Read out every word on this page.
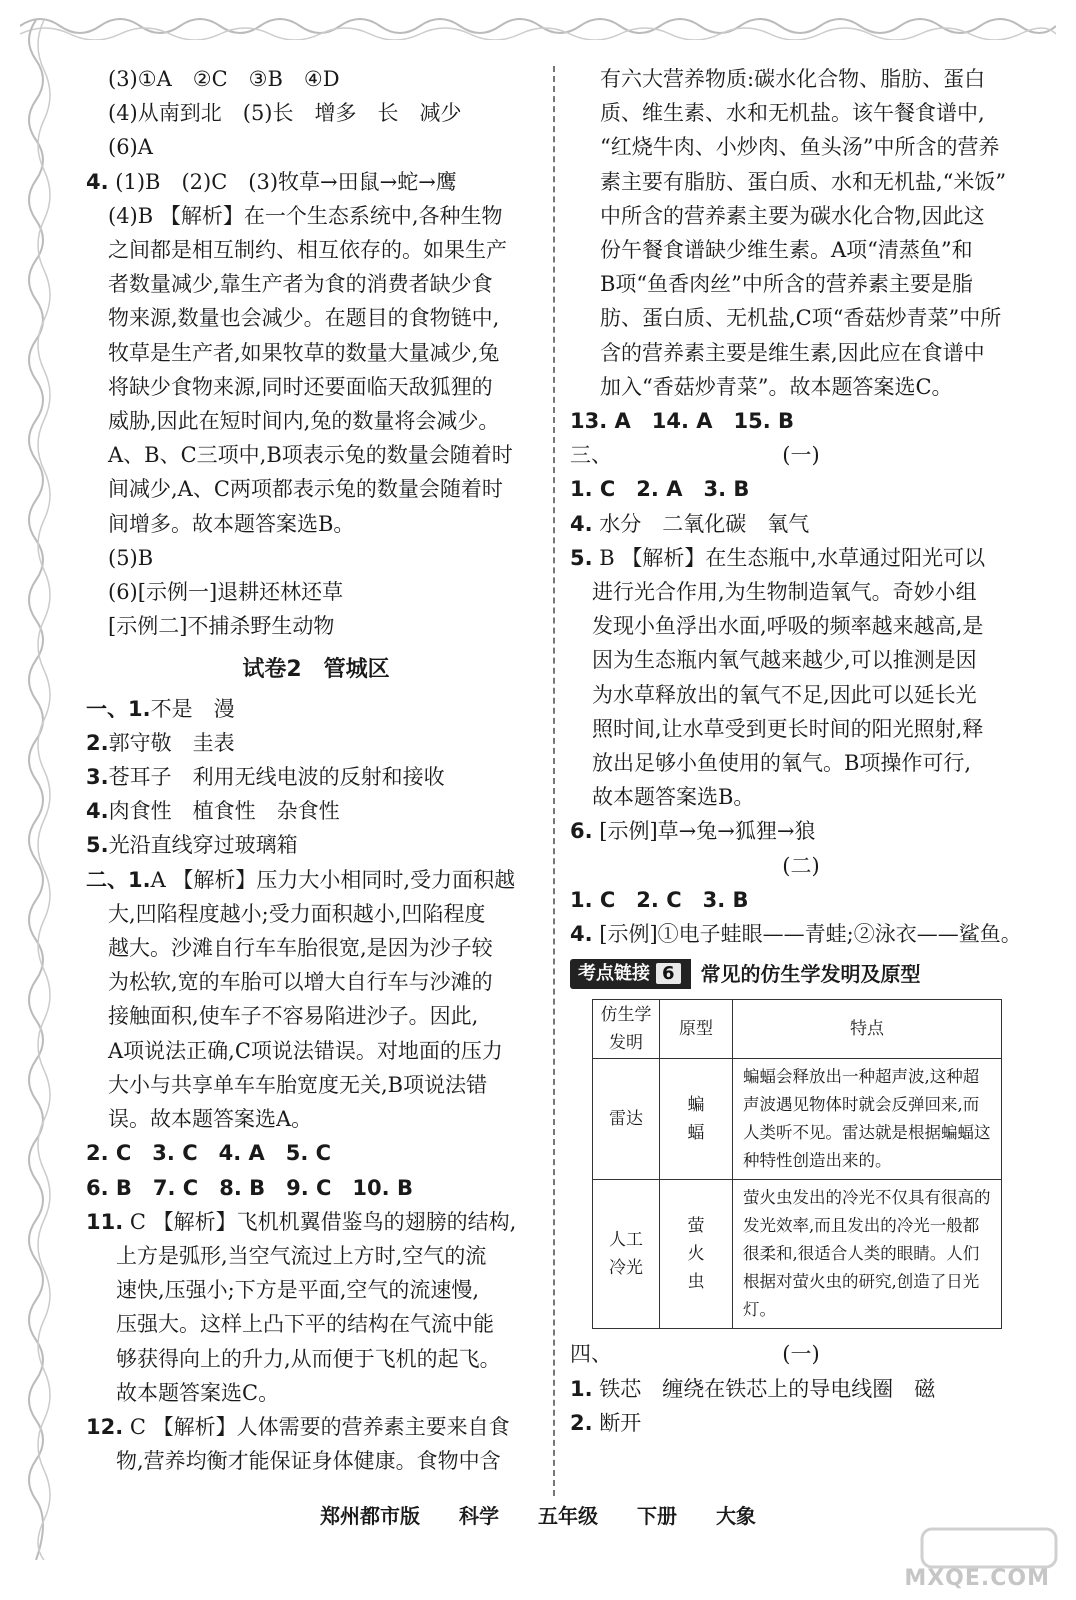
(3)①A　②C　③B　④D
(4)从南到北　(5)长　增多　长　减少
(6)A
4. (1)B　(2)C　(3)牧草→田鼠→蛇→鹰
(4)B 【解析】在一个生态系统中,各种生物
之间都是相互制约、相互依存的。如果生产
者数量减少,靠生产者为食的消费者缺少食
物来源,数量也会减少。在题目的食物链中,
牧草是生产者,如果牧草的数量大量减少,兔
将缺少食物来源,同时还要面临天敌狐狸的
威胁,因此在短时间内,兔的数量将会减少。
A、B、C三项中,B项表示兔的数量会随着时
间减少,A、C两项都表示兔的数量会随着时
间增多。故本题答案选B。
(5)B
(6)[示例一]退耕还林还草
[示例二]不捕杀野生动物
试卷2　管城区
一、1.不是　漫
2.郭守敬　圭表
3.苍耳子　利用无线电波的反射和接收
4.肉食性　植食性　杂食性
5.光沿直线穿过玻璃箱
二、1.A 【解析】压力大小相同时,受力面积越
大,凹陷程度越小;受力面积越小,凹陷程度
越大。沙滩自行车车胎很宽,是因为沙子较
为松软,宽的车胎可以增大自行车与沙滩的
接触面积,使车子不容易陷进沙子。因此,
A项说法正确,C项说法错误。对地面的压力
大小与共享单车车胎宽度无关,B项说法错
误。故本题答案选A。
2. C　3. C　4. A　5. C
6. B　7. C　8. B　9. C　10. B
11. C 【解析】飞机机翼借鉴鸟的翅膀的结构,
上方是弧形,当空气流过上方时,空气的流
速快,压强小;下方是平面,空气的流速慢,
压强大。这样上凸下平的结构在气流中能
够获得向上的升力,从而便于飞机的起飞。
故本题答案选C。
12. C 【解析】人体需要的营养素主要来自食
物,营养均衡才能保证身体健康。食物中含
有六大营养物质:碳水化合物、脂肪、蛋白
质、维生素、水和无机盐。该午餐食谱中,
“红烧牛肉、小炒肉、鱼头汤”中所含的营养
素主要有脂肪、蛋白质、水和无机盐,“米饭”
中所含的营养素主要为碳水化合物,因此这
份午餐食谱缺少维生素。A项“清蒸鱼”和
B项“鱼香肉丝”中所含的营养素主要是脂
肪、蛋白质、无机盐,C项“香菇炒青菜”中所
含的营养素主要是维生素,因此应在食谱中
加入“香菇炒青菜”。故本题答案选C。
13. A　14. A　15. B
三、	(一)
1. C　2. A　3. B
4. 水分　二氧化碳　氧气
5. B 【解析】在生态瓶中,水草通过阳光可以
进行光合作用,为生物制造氧气。奇妙小组
发现小鱼浮出水面,呼吸的频率越来越高,是
因为生态瓶内氧气越来越少,可以推测是因
为水草释放出的氧气不足,因此可以延长光
照时间,让水草受到更长时间的阳光照射,释
放出足够小鱼使用的氧气。B项操作可行,
故本题答案选B。
6. [示例]草→兔→狐狸→狼
(二)
1. C　2. C　3. B
4. [示例]①电子蛙眼——青蛙;②泳衣——鲨鱼。
考点链接 6	常见的仿生学发明及原型
仿生学发明	原型	特点
雷达	蝙蝠	蝙蝠会释放出一种超声波,这种超声波遇见物体时就会反弹回来,而人类听不见。雷达就是根据蝙蝠这种特性创造出来的。
人工冷光	萤火虫	萤火虫发出的冷光不仅具有很高的发光效率,而且发出的冷光一般都很柔和,很适合人类的眼睛。人们根据对萤火虫的研究,创造了日光灯。
四、	(一)
1. 铁芯　缠绕在铁芯上的导电线圈　磁
2. 断开
郑州都市版 科学 五年级 下册 大象
MXQE.COM
